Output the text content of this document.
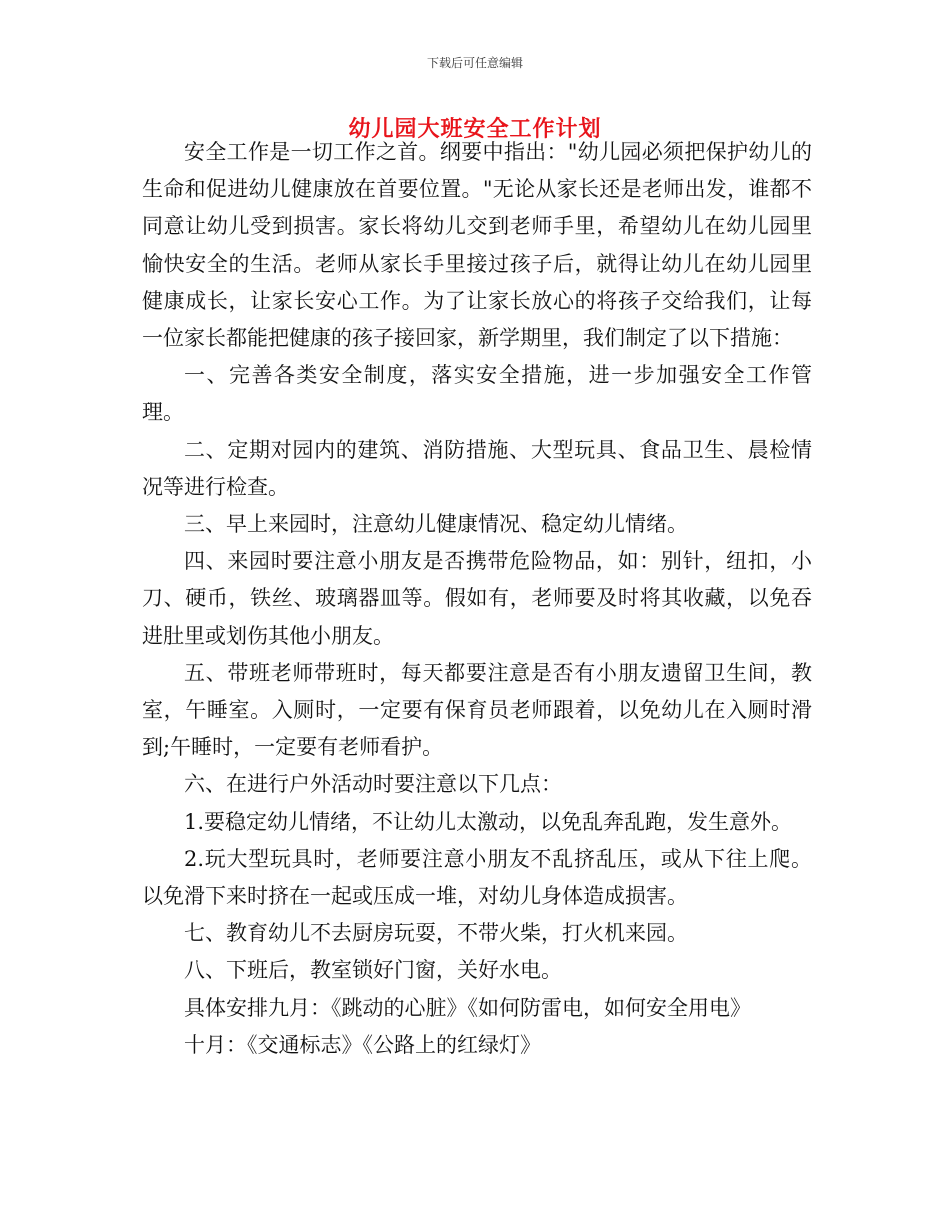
下载后可任意编辑
幼儿园大班安全工作计划

安全工作是一切工作之首。纲要中指出："幼儿园必须把保护幼儿的生命和促进幼儿健康放在首要位置。"无论从家长还是老师出发，谁都不同意让幼儿受到损害。家长将幼儿交到老师手里，希望幼儿在幼儿园里愉快安全的生活。老师从家长手里接过孩子后，就得让幼儿在幼儿园里健康成长，让家长安心工作。为了让家长放心的将孩子交给我们，让每一位家长都能把健康的孩子接回家，新学期里，我们制定了以下措施：

一、完善各类安全制度，落实安全措施，进一步加强安全工作管理。

二、定期对园内的建筑、消防措施、大型玩具、食品卫生、晨检情况等进行检查。

三、早上来园时，注意幼儿健康情况、稳定幼儿情绪。

四、来园时要注意小朋友是否携带危险物品，如：别针，纽扣，小刀、硬币，铁丝、玻璃器皿等。假如有，老师要及时将其收藏，以免吞进肚里或划伤其他小朋友。

五、带班老师带班时，每天都要注意是否有小朋友遗留卫生间，教室，午睡室。入厕时，一定要有保育员老师跟着，以免幼儿在入厕时滑到;午睡时，一定要有老师看护。

六、在进行户外活动时要注意以下几点：

1.要稳定幼儿情绪，不让幼儿太激动，以免乱奔乱跑，发生意外。

2.玩大型玩具时，老师要注意小朋友不乱挤乱压，或从下往上爬。以免滑下来时挤在一起或压成一堆，对幼儿身体造成损害。

七、教育幼儿不去厨房玩耍，不带火柴，打火机来园。

八、下班后，教室锁好门窗，关好水电。

具体安排九月：《跳动的心脏》《如何防雷电，如何安全用电》

十月：《交通标志》《公路上的红绿灯》
